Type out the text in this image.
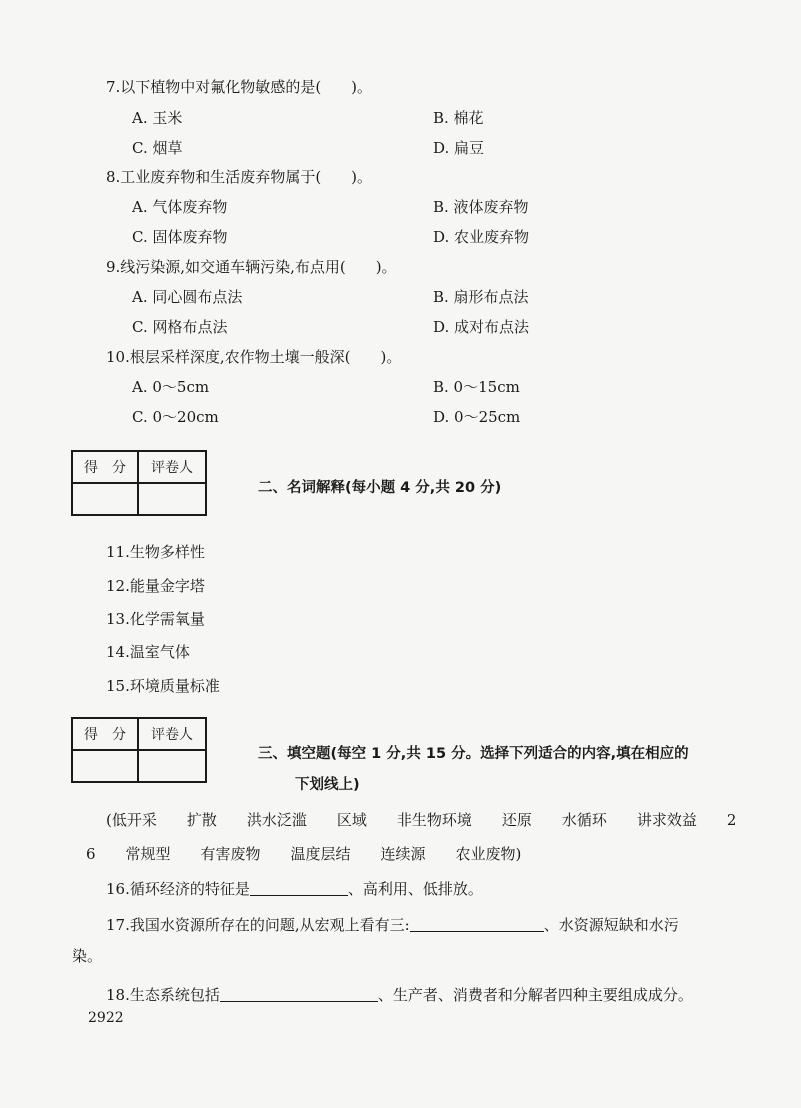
7.以下植物中对氟化物敏感的是(　　)。
A. 玉米	B. 棉花
C. 烟草	D. 扁豆
8.工业废弃物和生活废弃物属于(　　)。
A. 气体废弃物	B. 液体废弃物
C. 固体废弃物	D. 农业废弃物
9.线污染源,如交通车辆污染,布点用(　　)。
A. 同心圆布点法	B. 扇形布点法
C. 网格布点法	D. 成对布点法
10.根层采样深度,农作物土壤一般深(　　)。
A. 0～5cm	B. 0～15cm
C. 0～20cm	D. 0～25cm
得　分	评卷人

二、名词解释(每小题 4 分,共 20 分)
11.生物多样性
12.能量金字塔
13.化学需氧量
14.温室气体
15.环境质量标准
得　分	评卷人

三、填空题(每空 1 分,共 15 分。选择下列适合的内容,填在相应的
下划线上)
(低开采　　扩散　　洪水泛滥　　区域　　非生物环境　　还原　　水循环　　讲求效益　　2
6　　常规型　　有害废物　　温度层结　　连续源　　农业废物)
16.循环经济的特征是	、高利用、低排放。
17.我国水资源所存在的问题,从宏观上看有三:	、水资源短缺和水污
染。
18.生态系统包括	、生产者、消费者和分解者四种主要组成成分。
2922
